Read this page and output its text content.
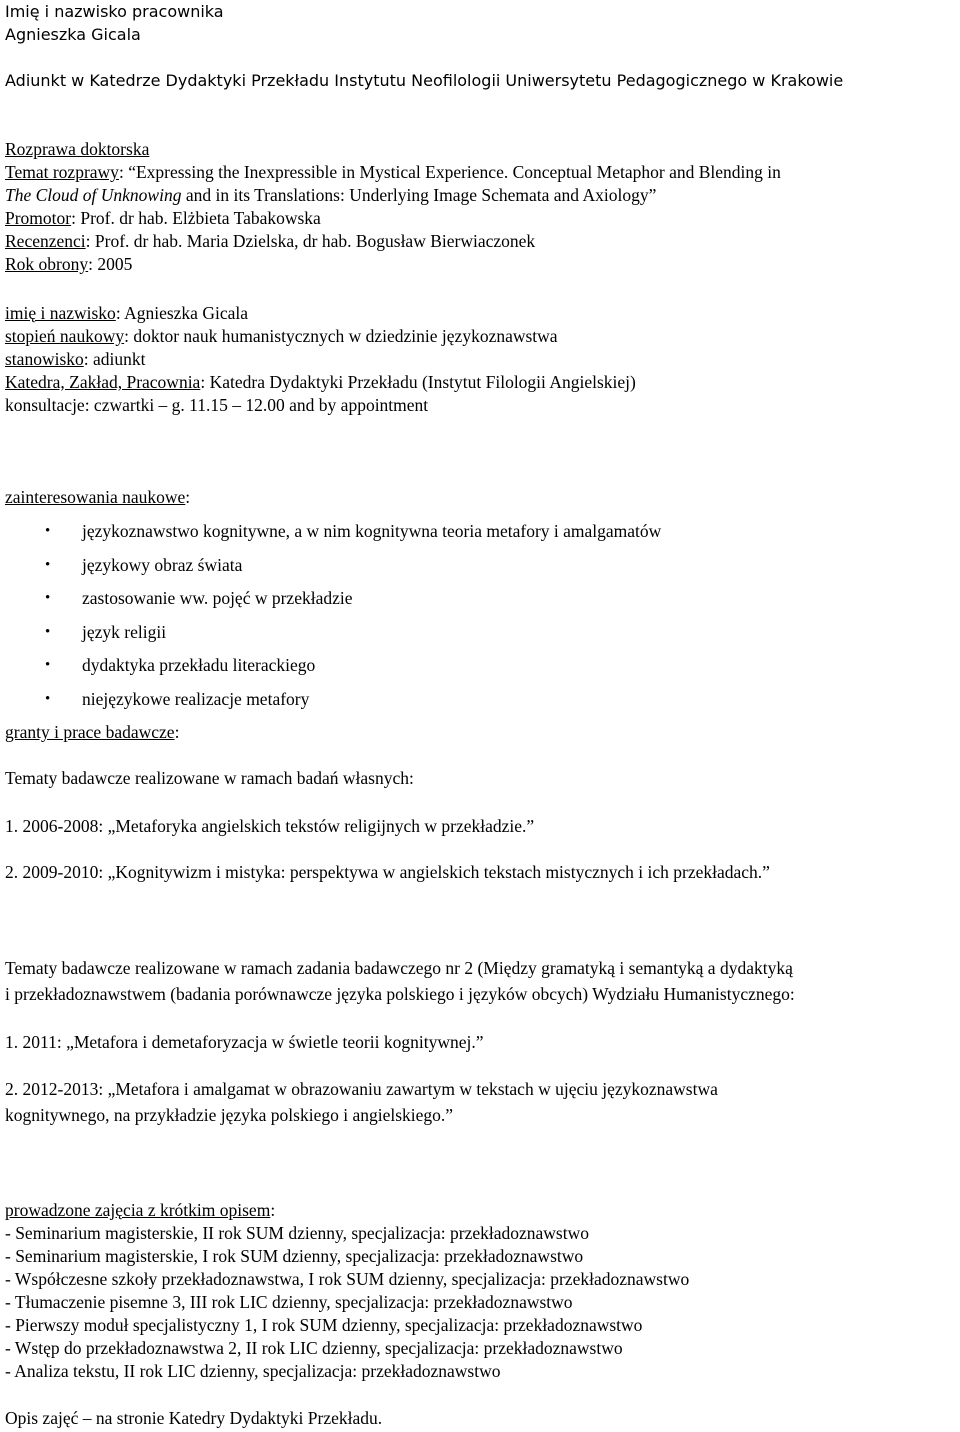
Imię i nazwisko pracownika
Agnieszka Gicala
Adiunkt w Katedrze Dydaktyki Przekładu Instytutu Neofilologii Uniwersytetu Pedagogicznego w Krakowie
Rozprawa doktorska
Temat rozprawy: “Expressing the Inexpressible in Mystical Experience. Conceptual Metaphor and Blending in
The Cloud of Unknowing and in its Translations: Underlying Image Schemata and Axiology”
Promotor: Prof. dr hab. Elżbieta Tabakowska
Recenzenci: Prof. dr hab. Maria Dzielska, dr hab. Bogusław Bierwiaczonek
Rok obrony: 2005
imię i nazwisko: Agnieszka Gicala
stopień naukowy: doktor nauk humanistycznych w dziedzinie językoznawstwa
stanowisko: adiunkt
Katedra, Zakład, Pracownia: Katedra Dydaktyki Przekładu (Instytut Filologii Angielskiej)
konsultacje: czwartki – g. 11.15 – 12.00 and by appointment
zainteresowania naukowe:
• językoznawstwo kognitywne, a w nim kognitywna teoria metafory i amalgamatów
• językowy obraz świata
• zastosowanie ww. pojęć w przekładzie
• język religii
• dydaktyka przekładu literackiego
• niejęzykowe realizacje metafory
granty i prace badawcze:
Tematy badawcze realizowane w ramach badań własnych:
1. 2006-2008: „Metaforyka angielskich tekstów religijnych w przekładzie.”
2. 2009-2010: „Kognitywizm i mistyka: perspektywa w angielskich tekstach mistycznych i ich przekładach.”
Tematy badawcze realizowane w ramach zadania badawczego nr 2 (Między gramatyką i semantyką a dydaktyką
i przekładoznawstwem (badania porównawcze języka polskiego i języków obcych) Wydziału Humanistycznego:
1. 2011: „Metafora i demetaforyzacja w świetle teorii kognitywnej.”
2. 2012-2013: „Metafora i amalgamat w obrazowaniu zawartym w tekstach w ujęciu językoznawstwa
kognitywnego, na przykładzie języka polskiego i angielskiego.”
prowadzone zajęcia z krótkim opisem:
- Seminarium magisterskie, II rok SUM dzienny, specjalizacja: przekładoznawstwo
- Seminarium magisterskie, I rok SUM dzienny, specjalizacja: przekładoznawstwo
- Współczesne szkoły przekładoznawstwa, I rok SUM dzienny, specjalizacja: przekładoznawstwo
- Tłumaczenie pisemne 3, III rok LIC dzienny, specjalizacja: przekładoznawstwo
- Pierwszy moduł specjalistyczny 1, I rok SUM dzienny, specjalizacja: przekładoznawstwo
- Wstęp do przekładoznawstwa 2, II rok LIC dzienny, specjalizacja: przekładoznawstwo
- Analiza tekstu, II rok LIC dzienny, specjalizacja: przekładoznawstwo
Opis zajęć – na stronie Katedry Dydaktyki Przekładu.
